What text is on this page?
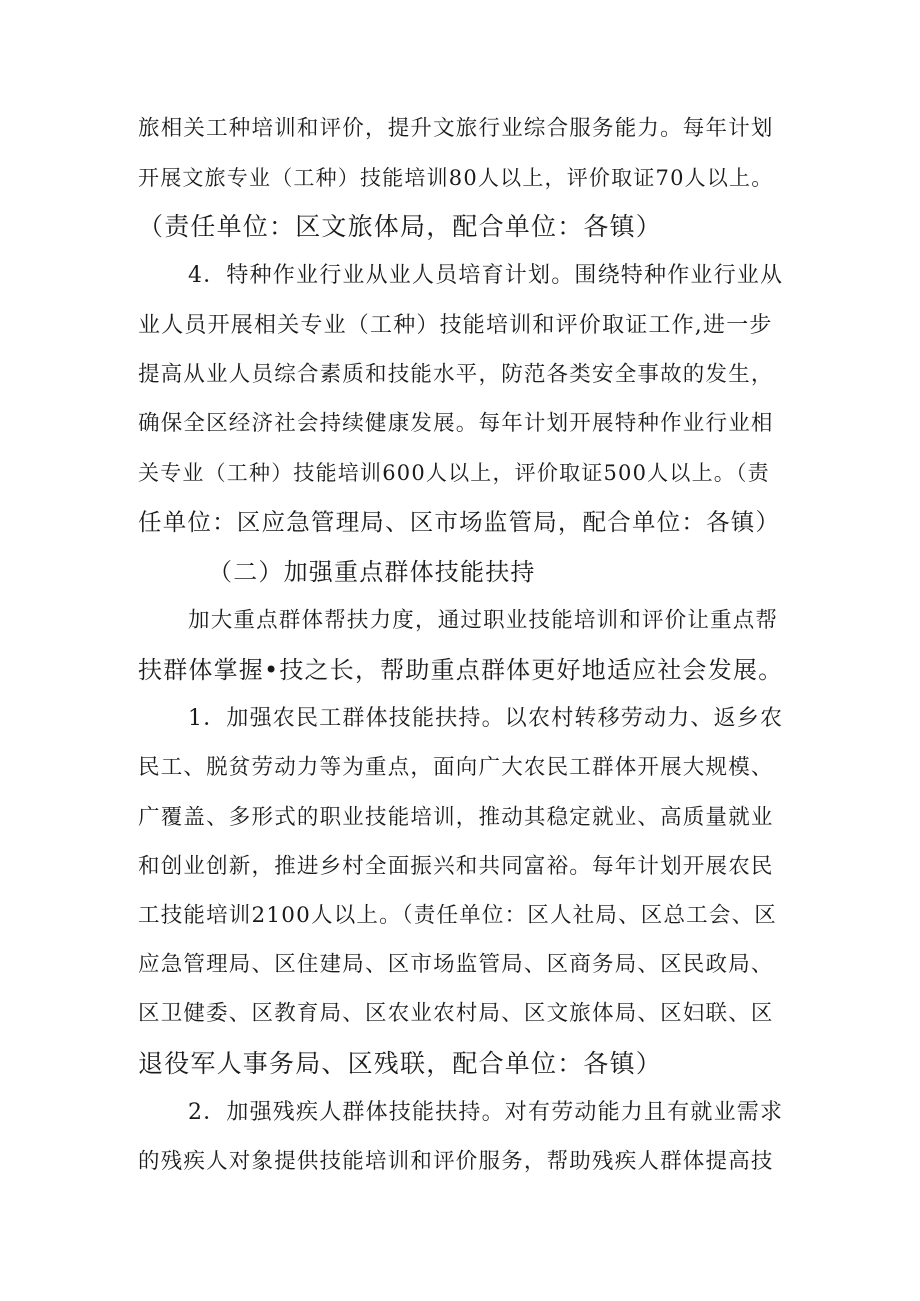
旅相关工种培训和评价，提升文旅行业综合服务能力。每年计划
开展文旅专业（工种）技能培训80人以上，评价取证70人以上。
（责任单位：区文旅体局，配合单位：各镇）
4．特种作业行业从业人员培育计划。围绕特种作业行业从
业人员开展相关专业（工种）技能培训和评价取证工作,进一步
提高从业人员综合素质和技能水平，防范各类安全事故的发生，
确保全区经济社会持续健康发展。每年计划开展特种作业行业相
关专业（工种）技能培训600人以上，评价取证500人以上。（责
任单位：区应急管理局、区市场监管局，配合单位：各镇）
（二）加强重点群体技能扶持
加大重点群体帮扶力度，通过职业技能培训和评价让重点帮
扶群体掌握•技之长，帮助重点群体更好地适应社会发展。
1．加强农民工群体技能扶持。以农村转移劳动力、返乡农
民工、脱贫劳动力等为重点，面向广大农民工群体开展大规模、
广覆盖、多形式的职业技能培训，推动其稳定就业、高质量就业
和创业创新，推进乡村全面振兴和共同富裕。每年计划开展农民
工技能培训2100人以上。（责任单位：区人社局、区总工会、区
应急管理局、区住建局、区市场监管局、区商务局、区民政局、
区卫健委、区教育局、区农业农村局、区文旅体局、区妇联、区
退役军人事务局、区残联，配合单位：各镇）
2．加强残疾人群体技能扶持。对有劳动能力且有就业需求
的残疾人对象提供技能培训和评价服务，帮助残疾人群体提高技
